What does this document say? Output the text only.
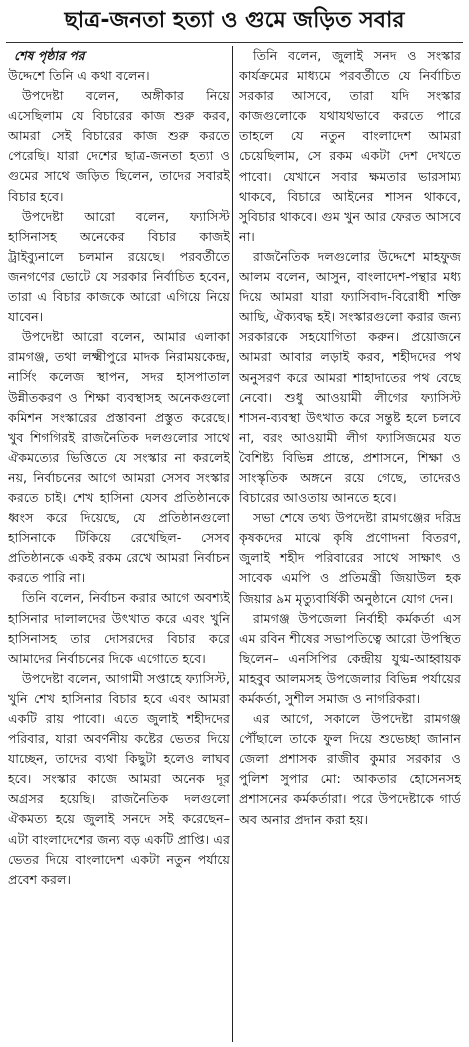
ছাত্র-জনতা হত্যা ও গুমে জড়িত সবার
শেষ পৃষ্ঠার পর

উদ্দেশে তিনি এ কথা বলেন।

উপদেষ্টা বলেন, অঙ্গীকার নিয়ে এসেছিলাম যে বিচারের কাজ শুরু করব, আমরা সেই বিচারের কাজ শুরু করতে পেরেছি। যারা দেশের ছাত্র-জনতা হত্যা ও গুমের সাথে জড়িত ছিলেন, তাদের সবারই বিচার হবে।

উপদেষ্টা আরো বলেন, ফ্যাসিস্ট হাসিনাসহ অনেকের বিচার কাজই ট্রাইব্যুনালে চলমান রয়েছে। পরবর্তীতে জনগণের ভোটে যে সরকার নির্বাচিত হবেন, তারা এ বিচার কাজকে আরো এগিয়ে নিয়ে যাবেন।

উপদেষ্টা আরো বলেন, আমার এলাকা রামগঞ্জ, তথা লক্ষ্মীপুরে মাদক নিরাময়কেন্দ্র, নার্সিং কলেজ স্থাপন, সদর হাসপাতাল উন্নীতকরণ ও শিক্ষা ব্যবস্থাসহ অনেকগুলো কমিশন সংস্কারের প্রস্তাবনা প্রস্তুত করেছে। খুব শিগগিরই রাজনৈতিক দলগুলোর সাথে ঐকমত্যের ভিত্তিতে যে সংস্কার না করলেই নয়, নির্বাচনের আগে আমরা সেসব সংস্কার করতে চাই। শেখ হাসিনা যেসব প্রতিষ্ঠানকে ধ্বংস করে দিয়েছে, যে প্রতিষ্ঠানগুলো হাসিনাকে টিকিয়ে রেখেছিল- সেসব প্রতিষ্ঠানকে একই রকম রেখে আমরা নির্বাচন করতে পারি না।

তিনি বলেন, নির্বাচন করার আগে অবশ্যই হাসিনার দালালদের উৎখাত করে এবং খুনি হাসিনাসহ তার দোসরদের বিচার করে আমাদের নির্বাচনের দিকে এগোতে হবে।

উপদেষ্টা বলেন, আগামী সপ্তাহে ফ্যাসিস্ট, খুনি শেখ হাসিনার বিচার হবে এবং আমরা একটি রায় পাবো। এতে জুলাই শহীদদের পরিবার, যারা অবর্ণনীয় কষ্টের ভেতর দিয়ে যাচ্ছেন, তাদের ব্যথা কিছুটা হলেও লাঘব হবে। সংস্কার কাজে আমরা অনেক দূর অগ্রসর হয়েছি। রাজনৈতিক দলগুলো ঐকমত্য হয়ে জুলাই সনদে সই করেছেন– এটা বাংলাদেশের জন্য বড় একটি প্রাপ্তি। এর ভেতর দিয়ে বাংলাদেশ একটা নতুন পর্যায়ে প্রবেশ করল।

তিনি বলেন, জুলাই সনদ ও সংস্কার কার্যক্রমের মাধ্যমে পরবর্তীতে যে নির্বাচিত সরকার আসবে, তারা যদি সংস্কার কাজগুলোকে যথাযথভাবে করতে পারে তাহলে যে নতুন বাংলাদেশ আমরা চেয়েছিলাম, সে রকম একটা দেশ দেখতে পাবো। যেখানে সবার ক্ষমতার ভারসাম্য থাকবে, বিচারে আইনের শাসন থাকবে, সুবিচার থাকবে। গুম খুন আর ফেরত আসবে না।

রাজনৈতিক দলগুলোর উদ্দেশে মাহফুজ আলম বলেন, আসুন, বাংলাদেশ-পন্থার মধ্য দিয়ে আমরা যারা ফ্যাসিবাদ-বিরোধী শক্তি আছি, ঐক্যবদ্ধ হই। সংস্কারগুলো করার জন্য সরকারকে সহযোগিতা করুন। প্রয়োজনে আমরা আবার লড়াই করব, শহীদদের পথ অনুসরণ করে আমরা শাহাদাতের পথ বেছে নেবো। শুধু আওয়ামী লীগের ফ্যাসিস্ট শাসন-ব্যবস্থা উৎখাত করে সন্তুষ্ট হলে চলবে না, বরং আওয়ামী লীগ ফ্যাসিজমের যত বৈশিষ্ট্য বিভিন্ন প্রান্তে, প্রশাসনে, শিক্ষা ও সাংস্কৃতিক অঙ্গনে রয়ে গেছে, তাদেরও বিচারের আওতায় আনতে হবে।

সভা শেষে তথ্য উপদেষ্টা রামগঞ্জের দরিদ্র কৃষকদের মাঝে কৃষি প্রণোদনা বিতরণ, জুলাই শহীদ পরিবারের সাথে সাক্ষাৎ ও সাবেক এমপি ও প্রতিমন্ত্রী জিয়াউল হক জিয়ার ৯ম মৃত্যুবার্ষিকী অনুষ্ঠানে যোগ দেন।

রামগঞ্জ উপজেলা নির্বাহী কর্মকর্তা এস এম রবিন শীষের সভাপতিত্বে আরো উপস্থিত ছিলেন– এনসিপির কেন্দ্রীয় যুগ্ম-আহ্বায়ক মাহবুব আলমসহ উপজেলার বিভিন্ন পর্যায়ের কর্মকর্তা, সুশীল সমাজ ও নাগরিকরা।

এর আগে, সকালে উপদেষ্টা রামগঞ্জ পৌঁছালে তাকে ফুল দিয়ে শুভেচ্ছা জানান জেলা প্রশাসক রাজীব কুমার সরকার ও পুলিশ সুপার মো: আকতার হোসেনসহ প্রশাসনের কর্মকর্তারা। পরে উপদেষ্টাকে গার্ড অব অনার প্রদান করা হয়।
